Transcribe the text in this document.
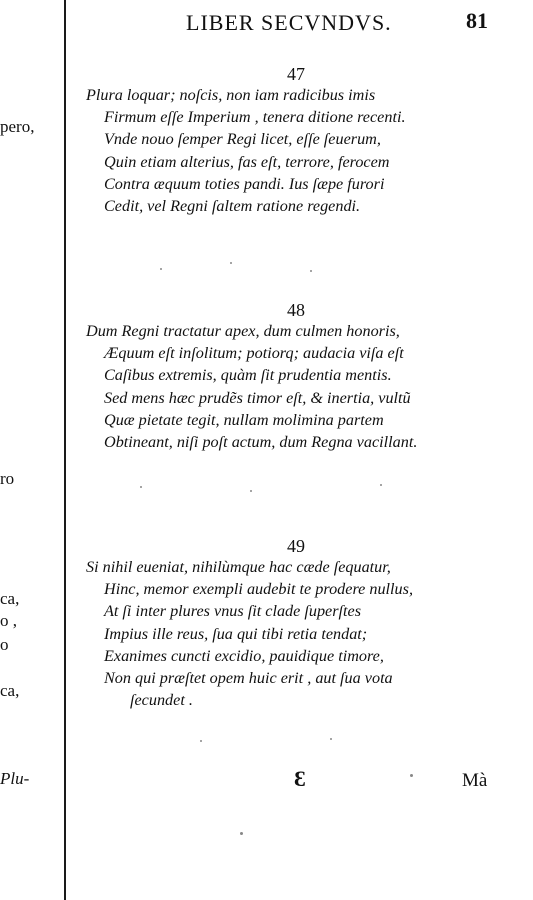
pero,
ro
ca,
o ,
o
ca,
Plu-
LIBER SECVNDVS.	81
47
Plura loquar; noſcis, non iam radicibus imis
Firmum eſſe Imperium , tenera ditione recenti.
Vnde nouo ſemper Regi licet, eſſe ſeuerum,
Quin etiam alterius, fas eſt, terrore, ferocem
Contra æquum toties pandi. Ius ſæpe furori
Cedit, vel Regni ſaltem ratione regendi.
48
Dum Regni tractatur apex, dum culmen honoris,
Æquum eſt inſolitum; potiorq; audacia viſa eſt
Caſibus extremis, quàm ſit prudentia mentis.
Sed mens hæc prudẽs timor eſt, & inertia, vultũ
Quæ pietate tegit, nullam molimina partem
Obtineant, niſi poſt actum, dum Regna vacillant.
49
Si nihil eueniat, nihilùmque hac cæde ſequatur,
Hinc, memor exempli audebit te prodere nullus,
At ſi inter plures vnus ſit clade ſuperſtes
Impius ille reus, ſua qui tibi retia tendat;
Exanimes cuncti excidio, pauidique timore,
Non qui præſtet opem huic erit , aut ſua vota
ſecundet .
Ɛ	Mà
